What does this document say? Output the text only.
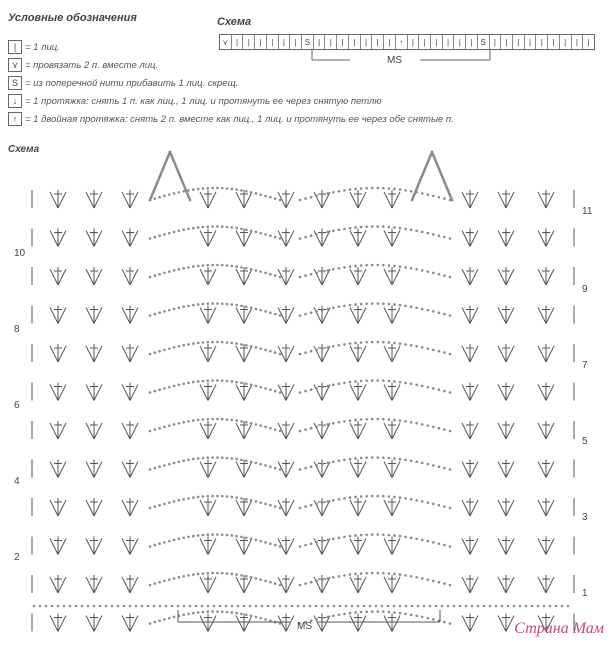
Условные обозначения
| = 1 лиц.
⋎ = провязать 2 п. вместе лиц.
S = из поперечной нити прибавить 1 лиц. скрещ.
↓ = 1 протяжка: снять 1 п. как лиц., 1 лиц. и протянуть ее через снятую петлю
↑ = 1 двойная протяжка: снять 2 п. вместе как лиц., 1 лиц. и протянуть ее через обе снятые п.
Схема
⋎ |	|	|	|	|	|	S	|	|	|	|	|	|	|	↑	|	|	|	|	|	|	S	|	|	|	|	|	|	|	|	|
MS
Схема
MS	Страна Мам
10
8
6
4
2
11
9
7
5
3
1
